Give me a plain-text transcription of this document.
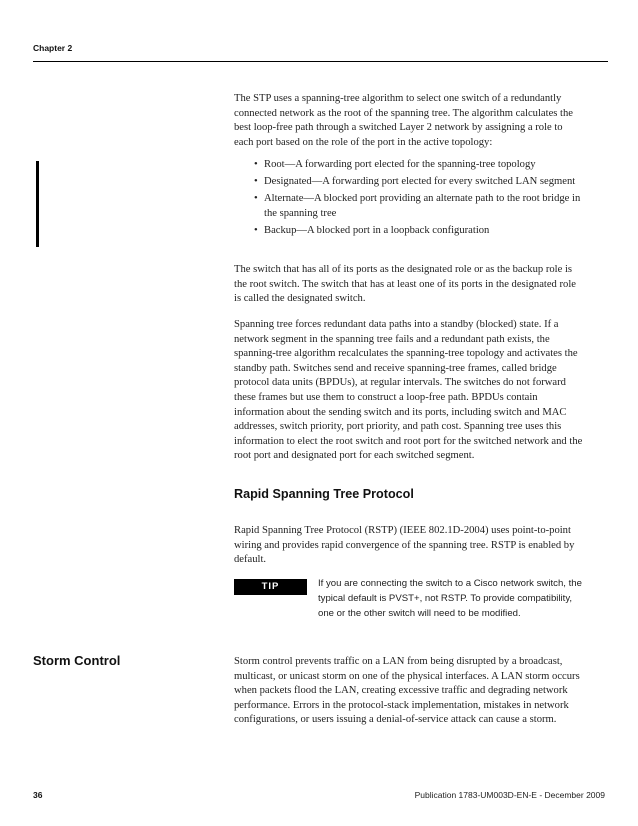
Chapter 2

The STP uses a spanning-tree algorithm to select one switch of a redundantly connected network as the root of the spanning tree. The algorithm calculates the best loop-free path through a switched Layer 2 network by assigning a role to each port based on the role of the port in the active topology:

• Root—A forwarding port elected for the spanning-tree topology
• Designated—A forwarding port elected for every switched LAN segment
• Alternate—A blocked port providing an alternate path to the root bridge in the spanning tree
• Backup—A blocked port in a loopback configuration

The switch that has all of its ports as the designated role or as the backup role is the root switch. The switch that has at least one of its ports in the designated role is called the designated switch.

Spanning tree forces redundant data paths into a standby (blocked) state. If a network segment in the spanning tree fails and a redundant path exists, the spanning-tree algorithm recalculates the spanning-tree topology and activates the standby path. Switches send and receive spanning-tree frames, called bridge protocol data units (BPDUs), at regular intervals. The switches do not forward these frames but use them to construct a loop-free path. BPDUs contain information about the sending switch and its ports, including switch and MAC addresses, switch priority, port priority, and path cost. Spanning tree uses this information to elect the root switch and root port for the switched network and the root port and designated port for each switched segment.

Rapid Spanning Tree Protocol

Rapid Spanning Tree Protocol (RSTP) (IEEE 802.1D-2004) uses point-to-point wiring and provides rapid convergence of the spanning tree. RSTP is enabled by default.

TIP	If you are connecting the switch to a Cisco network switch, the typical default is PVST+, not RSTP. To provide compatibility, one or the other switch will need to be modified.
Storm Control	Storm control prevents traffic on a LAN from being disrupted by a broadcast, multicast, or unicast storm on one of the physical interfaces. A LAN storm occurs when packets flood the LAN, creating excessive traffic and degrading network performance. Errors in the protocol-stack implementation, mistakes in network configurations, or users issuing a denial-of-service attack can cause a storm.

36	Publication 1783-UM003D-EN-E - December 2009
